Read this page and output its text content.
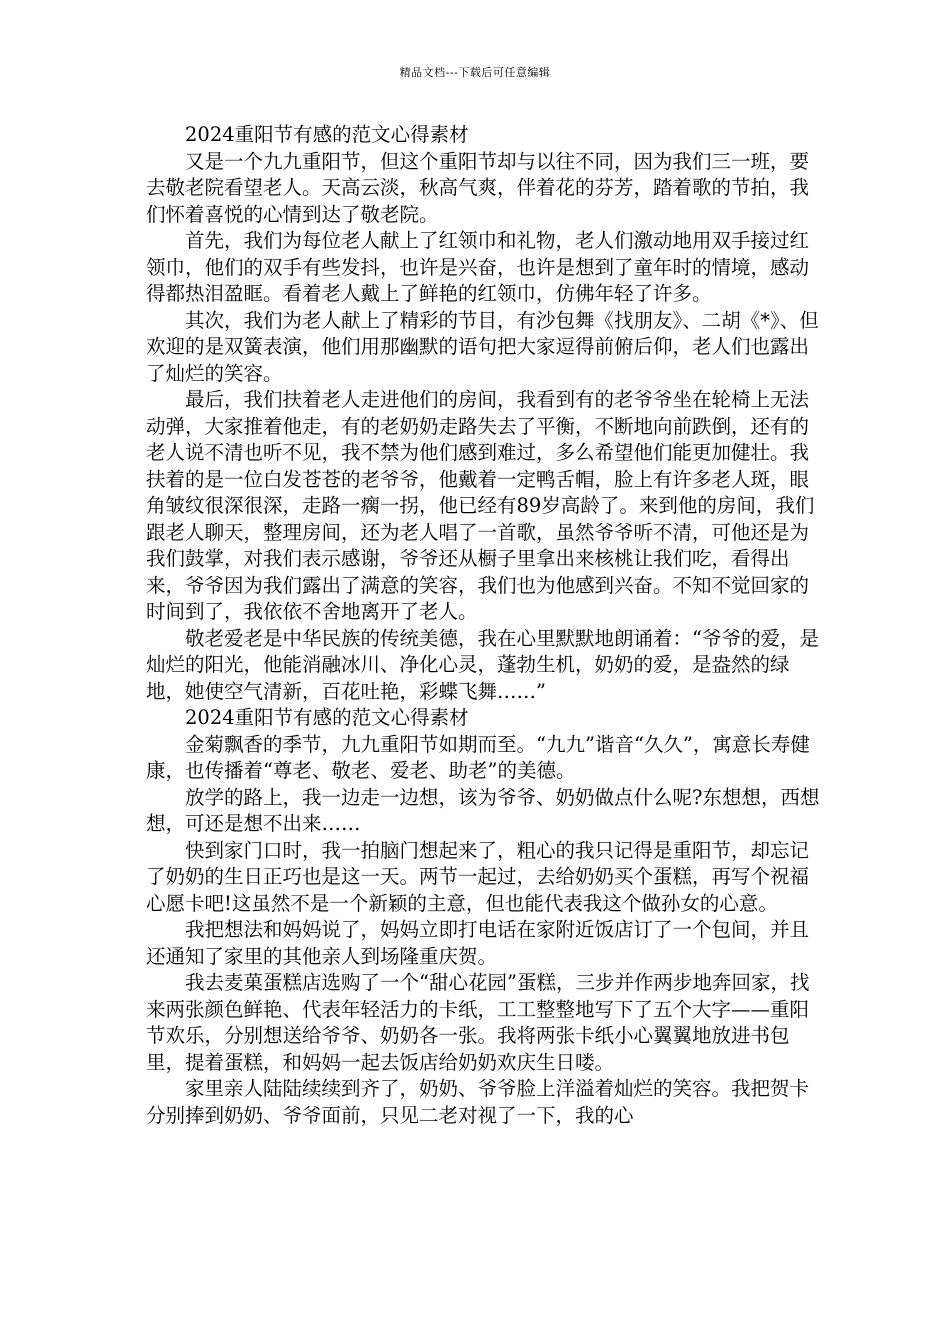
精品文档---下载后可任意编辑

2024重阳节有感的范文心得素材

又是一个九九重阳节，但这个重阳节却与以往不同，因为我们三一班，要去敬老院看望老人。天高云淡，秋高气爽，伴着花的芬芳，踏着歌的节拍，我们怀着喜悦的心情到达了敬老院。

首先，我们为每位老人献上了红领巾和礼物，老人们激动地用双手接过红领巾，他们的双手有些发抖，也许是兴奋，也许是想到了童年时的情境，感动得都热泪盈眶。看着老人戴上了鲜艳的红领巾，仿佛年轻了许多。

其次，我们为老人献上了精彩的节目，有沙包舞《找朋友》、二胡《*》、但欢迎的是双簧表演，他们用那幽默的语句把大家逗得前俯后仰，老人们也露出了灿烂的笑容。

最后，我们扶着老人走进他们的房间，我看到有的老爷爷坐在轮椅上无法动弹，大家推着他走，有的老奶奶走路失去了平衡，不断地向前跌倒，还有的老人说不清也听不见，我不禁为他们感到难过，多么希望他们能更加健壮。我扶着的是一位白发苍苍的老爷爷，他戴着一定鸭舌帽，脸上有许多老人斑，眼角皱纹很深很深，走路一瘸一拐，他已经有89岁高龄了。来到他的房间，我们跟老人聊天，整理房间，还为老人唱了一首歌，虽然爷爷听不清，可他还是为我们鼓掌，对我们表示感谢，爷爷还从橱子里拿出来核桃让我们吃，看得出来，爷爷因为我们露出了满意的笑容，我们也为他感到兴奋。不知不觉回家的时间到了，我依依不舍地离开了老人。

敬老爱老是中华民族的传统美德，我在心里默默地朗诵着：“爷爷的爱，是灿烂的阳光，他能消融冰川、净化心灵，蓬勃生机，奶奶的爱，是盎然的绿地，她使空气清新，百花吐艳，彩蝶飞舞……”

2024重阳节有感的范文心得素材

金菊飘香的季节，九九重阳节如期而至。“九九”谐音“久久”，寓意长寿健康，也传播着“尊老、敬老、爱老、助老”的美德。

放学的路上，我一边走一边想，该为爷爷、奶奶做点什么呢?东想想，西想想，可还是想不出来……

快到家门口时，我一拍脑门想起来了，粗心的我只记得是重阳节，却忘记了奶奶的生日正巧也是这一天。两节一起过，去给奶奶买个蛋糕，再写个祝福心愿卡吧!这虽然不是一个新颖的主意，但也能代表我这个做孙女的心意。

我把想法和妈妈说了，妈妈立即打电话在家附近饭店订了一个包间，并且还通知了家里的其他亲人到场隆重庆贺。

我去麦菓蛋糕店选购了一个“甜心花园”蛋糕，三步并作两步地奔回家，找来两张颜色鲜艳、代表年轻活力的卡纸，工工整整地写下了五个大字——重阳节欢乐，分别想送给爷爷、奶奶各一张。我将两张卡纸小心翼翼地放进书包里，提着蛋糕，和妈妈一起去饭店给奶奶欢庆生日喽。

家里亲人陆陆续续到齐了，奶奶、爷爷脸上洋溢着灿烂的笑容。我把贺卡分别捧到奶奶、爷爷面前，只见二老对视了一下，我的心
